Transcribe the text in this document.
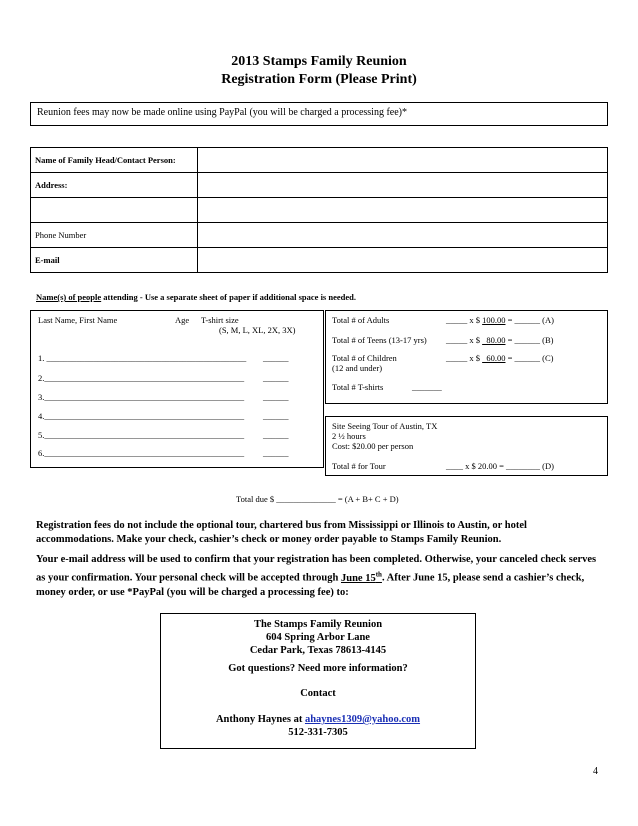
2013 Stamps Family Reunion
Registration Form (Please Print)
Reunion fees may now be made online using PayPal (you will be charged a processing fee)*
Name of Family Head/Contact Person:	
Address:	

Phone Number	
E-mail	
Name(s) of people attending - Use a separate sheet of paper if additional space is needed.
Last Name, First Name	Age T-shirt size
(S, M, L, XL, 2X, 3X)
1. _______________________________________________ ______
2._______________________________________________ ______
3._______________________________________________ ______
4._______________________________________________ ______
5._______________________________________________ ______
6._______________________________________________ ______
Total # of Adults	_____ x $ 100.00 = ______ (A)
Total # of Teens (13-17 yrs) _____ x $   80.00 = ______ (B)
Total # of Children
(12 and under)
_____ x $   60.00 = ______ (C)
Total # T-shirts	_______
Site Seeing Tour of Austin, TX
2 ½ hours
Cost: $20.00 per person
Total # for Tour	____ x $ 20.00 = ________ (D)
Total due $ ______________ = (A + B+ C + D)
Registration fees do not include the optional tour, chartered bus from Mississippi or Illinois to Austin, or hotel accommodations. Make your check, cashier’s check or money order payable to Stamps Family Reunion.
Your e-mail address will be used to confirm that your registration has been completed. Otherwise, your canceled check serves as your confirmation. Your personal check will be accepted through June 15th. After June 15, please send a cashier’s check, money order, or use *PayPal (you will be charged a processing fee) to:
The Stamps Family Reunion
604 Spring Arbor Lane
Cedar Park, Texas 78613-4145
Got questions? Need more information?
Contact
Anthony Haynes at ahaynes1309@yahoo.com
512-331-7305
4
